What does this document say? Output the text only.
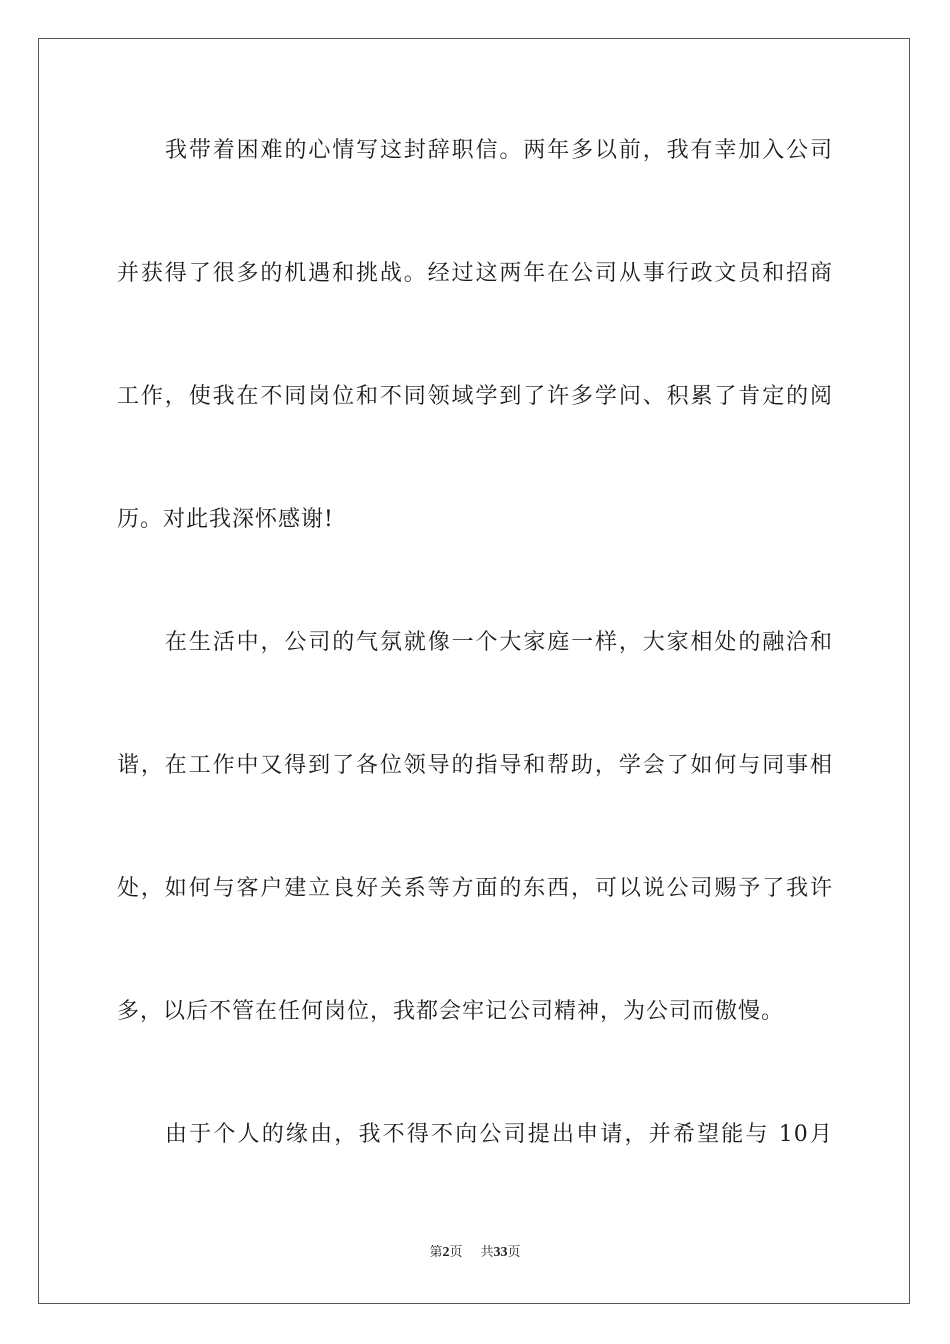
我带着困难的心情写这封辞职信。两年多以前，我有幸加入公司
并获得了很多的机遇和挑战。经过这两年在公司从事行政文员和招商
工作，使我在不同岗位和不同领域学到了许多学问、积累了肯定的阅
历。对此我深怀感谢!
在生活中，公司的气氛就像一个大家庭一样，大家相处的融洽和
谐，在工作中又得到了各位领导的指导和帮助，学会了如何与同事相
处，如何与客户建立良好关系等方面的东西，可以说公司赐予了我许
多，以后不管在任何岗位，我都会牢记公司精神，为公司而傲慢。
由于个人的缘由，我不得不向公司提出申请，并希望能与 10月
第2页 共33页
